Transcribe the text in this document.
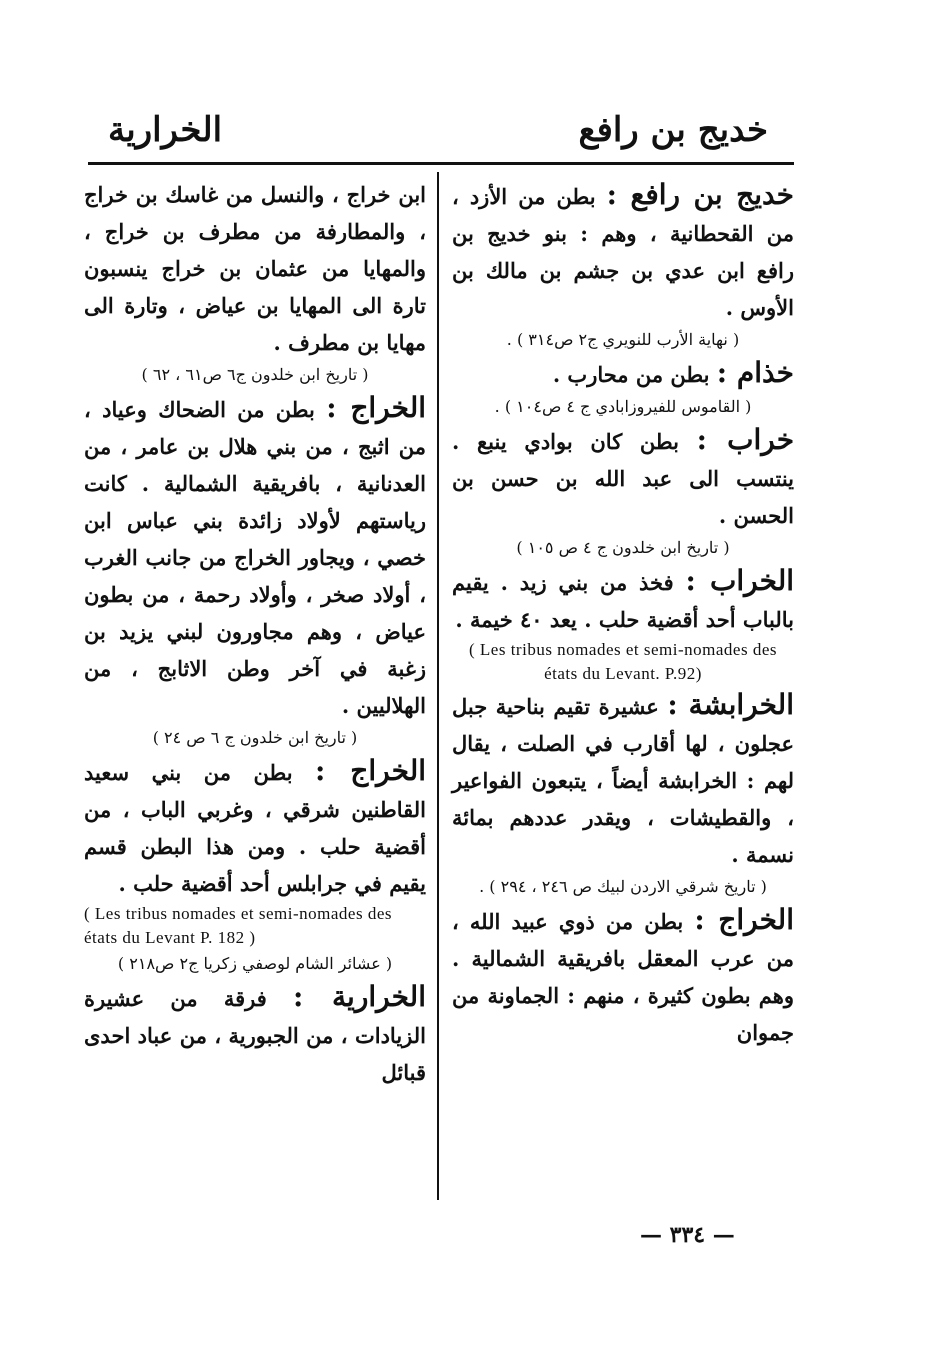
خديج بن رافع
الخرارية

خديج بن رافع : بطن من الأزد ، من القحطانية ، وهم : بنو خديج بن رافع ابن عدي بن جشم بن مالك بن الأوس .

( نهاية الأرب للنويري ج٢ ص٣١٤ ) .

خذام : بطن من محارب .

( القاموس للفيروزابادي ج ٤ ص١٠٤ ) .

خراب : بطن كان بوادي ينبع . ينتسب الى عبد الله بن حسن بن الحسن .

( تاريخ ابن خلدون ج ٤ ص ١٠٥ )

الخراب : فخذ من بني زيد . يقيم بالباب أحد أقضية حلب . يعد ٤٠ خيمة .

( Les tribus nomades et semi-nomades des états du Levant. P.92)

الخرابشة : عشيرة تقيم بناحية جبل عجلون ، لها أقارب في الصلت ، يقال لهم : الخرابشة أيضاً ، يتبعون الفواعير ، والقطيشات ، ويقدر عددهم بمائة نسمة .

( تاريخ شرقي الاردن لبيك ص ٢٤٦ ، ٢٩٤ ) .

الخراج : بطن من ذوي عبيد الله ، من عرب المعقل بافريقية الشمالية . وهم بطون كثيرة ، منهم : الجماونة من جموان

ابن خراج ، والنسل من غاسك بن خراج ، والمطارفة من مطرف بن خراج ، والمهايا من عثمان بن خراج ينسبون تارة الى المهايا بن عياض ، وتارة الى مهايا بن مطرف .

( تاريخ ابن خلدون ج٦ ص٦١ ، ٦٢ )

الخراج : بطن من الضحاك وعياد ، من اثبج ، من بني هلال بن عامر ، من العدنانية ، بافريقية الشمالية . كانت رياستهم لأولاد زائدة بني عباس ابن خصي ، ويجاور الخراج من جانب الغرب ، أولاد صخر ، وأولاد رحمة ، من بطون عياض ، وهم مجاورون لبني يزيد بن زغبة في آخر وطن الاثابج ، من الهلاليين .

( تاريخ ابن خلدون ج ٦ ص ٢٤ )

الخراج : بطن من بني سعيد القاطنين شرقي ، وغربي الباب ، من أقضية حلب . ومن هذا البطن قسم يقيم في جرابلس أحد أقضية حلب .

( Les tribus nomades et semi-nomades des états du Levant P. 182 )

( عشائر الشام لوصفي زكريا ج٢ ص٢١٨ )

الخرارية : فرقة من عشيرة الزيادات ، من الجبورية ، من عباد احدى قبائل

— ٣٣٤ —
